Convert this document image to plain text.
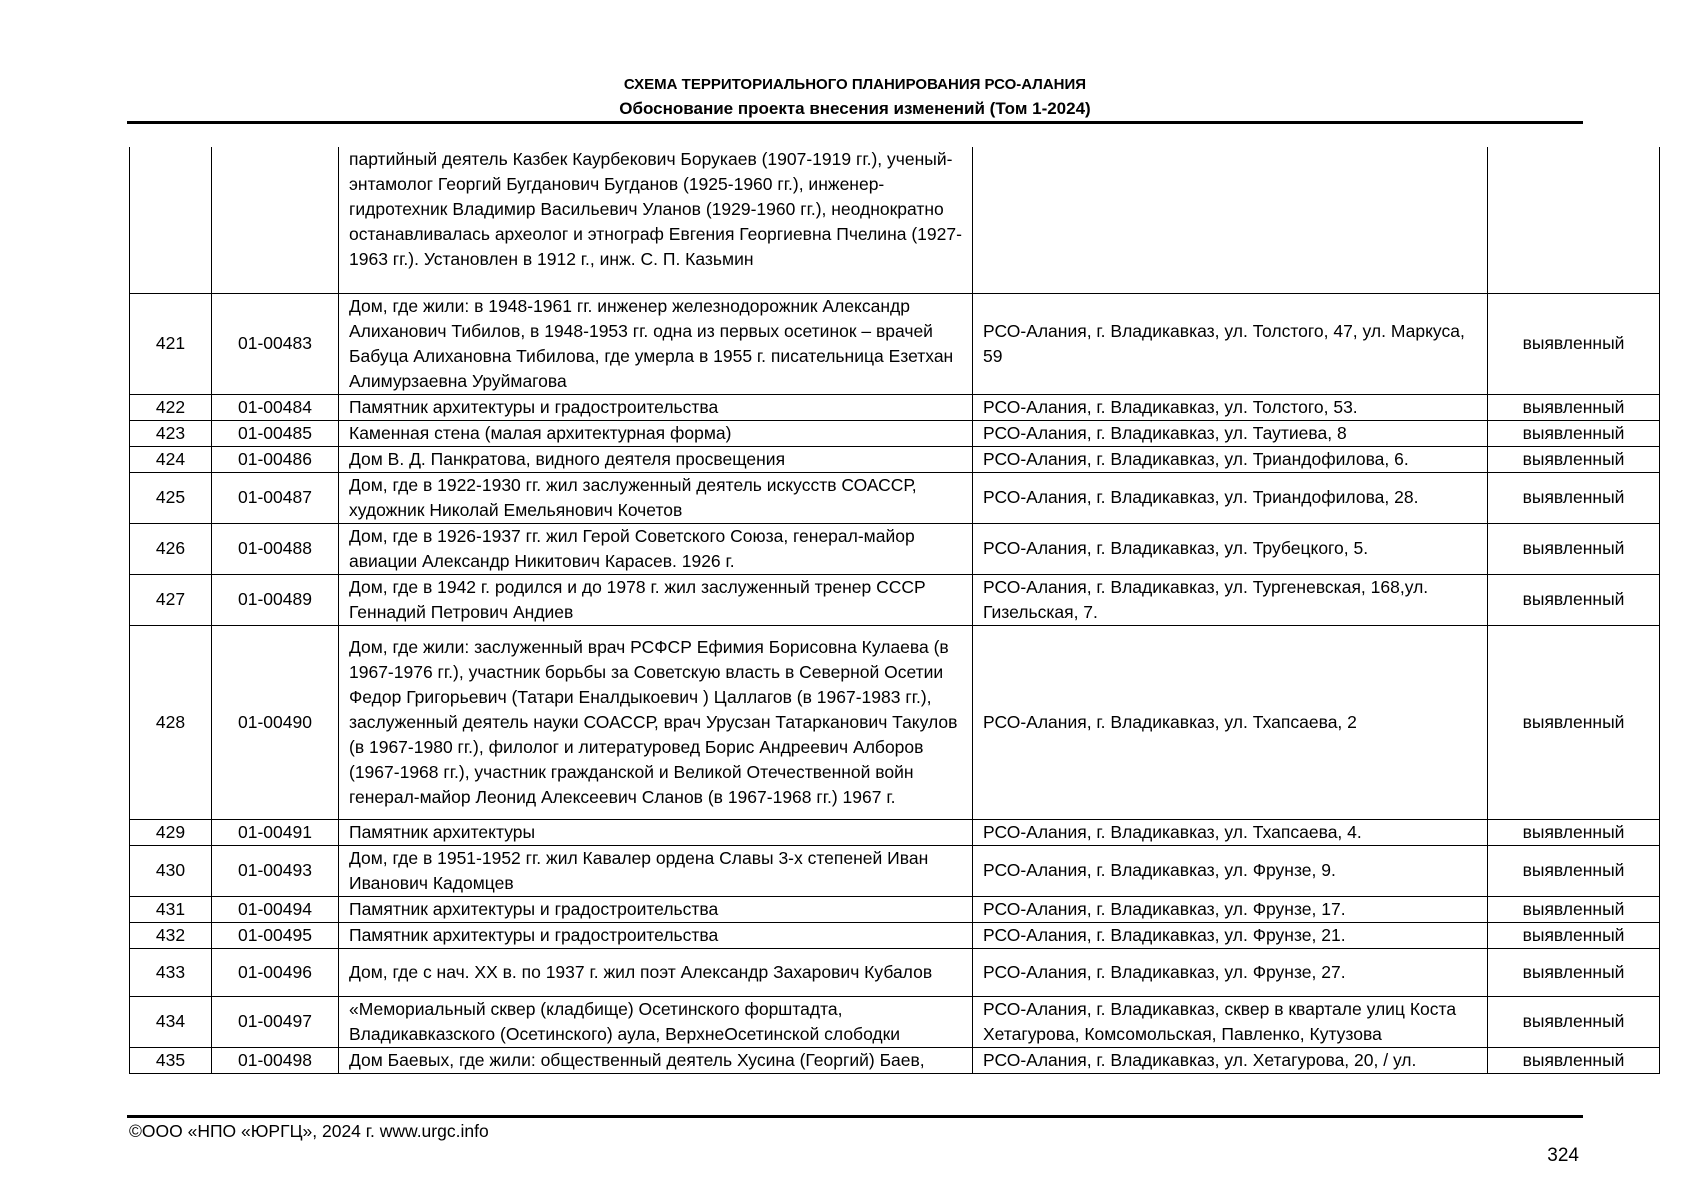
СХЕМА ТЕРРИТОРИАЛЬНОГО ПЛАНИРОВАНИЯ РСО-АЛАНИЯ
Обоснование проекта внесения изменений (Том 1-2024)
		партийный деятель Казбек Каурбекович Борукаев (1907-1919 гг.), ученый-энтамолог Георгий Бугданович Бугданов (1925-1960 гг.), инженер-гидротехник Владимир Васильевич Уланов (1929-1960 гг.), неоднократно останавливалась археолог и этнограф Евгения Георгиевна Пчелина (1927-1963 гг.). Установлен в 1912 г., инж. С. П. Казьмин		
421	01-00483	Дом, где жили: в 1948-1961 гг. инженер железнодорожник Александр Алиханович Тибилов, в 1948-1953 гг. одна из первых осетинок – врачей Бабуца Алихановна Тибилова, где умерла в 1955 г. писательница Езетхан Алимурзаевна Уруймагова	РСО-Алания, г. Владикавказ, ул. Толстого, 47, ул. Маркуса, 59	выявленный
422	01-00484	Памятник архитектуры и градостроительства	РСО-Алания, г. Владикавказ, ул. Толстого, 53.	выявленный
423	01-00485	Каменная стена (малая архитектурная форма)	РСО-Алания, г. Владикавказ, ул. Таутиева, 8	выявленный
424	01-00486	Дом В. Д. Панкратова, видного деятеля просвещения	РСО-Алания, г. Владикавказ, ул. Триандофилова, 6.	выявленный
425	01-00487	Дом, где в 1922-1930 гг. жил заслуженный деятель искусств СОАССР, художник Николай Емельянович Кочетов	РСО-Алания, г. Владикавказ, ул. Триандофилова, 28.	выявленный
426	01-00488	Дом, где в 1926-1937 гг. жил Герой Советского Союза, генерал-майор авиации Александр Никитович Карасев. 1926 г.	РСО-Алания, г. Владикавказ, ул. Трубецкого, 5.	выявленный
427	01-00489	Дом, где в 1942 г. родился и до 1978 г. жил заслуженный тренер СССР Геннадий Петрович Андиев	РСО-Алания, г. Владикавказ, ул. Тургеневская, 168,ул. Гизельская, 7.	выявленный
428	01-00490	Дом, где жили: заслуженный врач РСФСР Ефимия Борисовна Кулаева (в 1967-1976 гг.), участник борьбы за Советскую власть в Северной Осетии Федор Григорьевич (Татари Еналдыкоевич ) Цаллагов (в 1967-1983 гг.), заслуженный деятель науки СОАССР, врач Урусзан Татарканович Такулов (в 1967-1980 гг.), филолог и литературовед Борис Андреевич Алборов (1967-1968 гг.), участник гражданской и Великой Отечественной войн генерал-майор Леонид Алексеевич Сланов (в 1967-1968 гг.) 1967 г.	РСО-Алания, г. Владикавказ, ул. Тхапсаева, 2	выявленный
429	01-00491	Памятник архитектуры	РСО-Алания, г. Владикавказ, ул. Тхапсаева, 4.	выявленный
430	01-00493	Дом, где в 1951-1952 гг. жил Кавалер ордена Славы 3-х степеней Иван Иванович Кадомцев	РСО-Алания, г. Владикавказ, ул. Фрунзе, 9.	выявленный
431	01-00494	Памятник архитектуры и градостроительства	РСО-Алания, г. Владикавказ, ул. Фрунзе, 17.	выявленный
432	01-00495	Памятник архитектуры и градостроительства	РСО-Алания, г. Владикавказ, ул. Фрунзе, 21.	выявленный
433	01-00496	Дом, где с нач. XX в. по 1937 г. жил поэт Александр Захарович Кубалов	РСО-Алания, г. Владикавказ, ул. Фрунзе, 27.	выявленный
434	01-00497	«Мемориальный сквер (кладбище) Осетинского форштадта, Владикавказского (Осетинского) аула, ВерхнеОсетинской слободки	РСО-Алания, г. Владикавказ, сквер в квартале улиц Коста Хетагурова, Комсомольская, Павленко, Кутузова	выявленный
435	01-00498	Дом Баевых, где жили: общественный деятель Хусина (Георгий) Баев,	РСО-Алания, г. Владикавказ, ул. Хетагурова, 20, / ул.	выявленный
©ООО «НПО «ЮРГЦ», 2024 г. www.urgc.info
324
